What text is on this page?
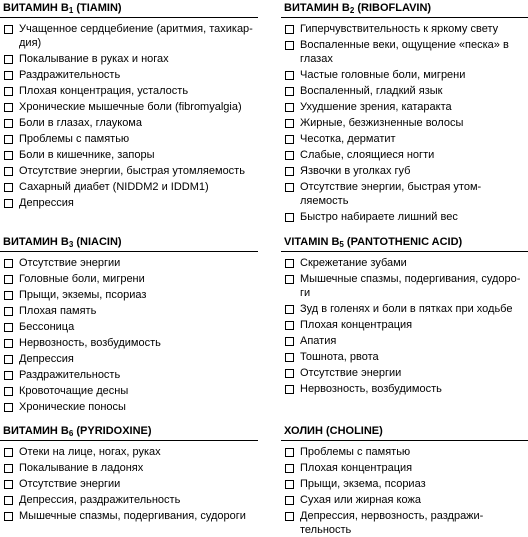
ВИТАМИН $B_1$ (TIAMIN)
Учащенное сердцебиение (аритмия, тахикар-
дия)
Покалывание в руках и ногах
Раздражительность
Плохая концентрация, усталость
Хронические мышечные боли (fibromyalgia)
Боли в глазах, глаукома
Проблемы с памятью
Боли в кишечнике, запоры
Отсутствие энергии, быстрая утомляемость
Сахарный диабет (NIDDM2 и IDDM1)
Депрессия
ВИТАМИН $B_2$ (RIBOFLAVIN)
Гиперчувствительность к яркому свету
Воспаленные веки, ощущение «песка» в
глазах
Частые головные боли, мигрени
Воспаленный, гладкий язык
Ухудшение зрения, катаракта
Жирные, безжизненные волосы
Чесотка, дерматит
Слабые, слоящиеся ногти
Язвочки в уголках губ
Отсутствие энергии, быстрая утом-
ляемость
Быстро набираете лишний вес
ВИТАМИН $B_3$ (NIACIN)
Отсутствие энергии
Головные боли, мигрени
Прыщи, экземы, псориаз
Плохая память
Бессоница
Нервозность, возбудимость
Депрессия
Раздражительность
Кровоточащие десны
Хронические поносы
VITAMIN $B_5$ (PANTOTHENIC ACID)
Скрежетание зубами
Мышечные спазмы, подергивания, судоро-
ги
Зуд в голенях и боли в пятках при ходьбе
Плохая концентрация
Апатия
Тошнота, рвота
Отсутствие энергии
Нервозность, возбудимость
ВИТАМИН $B_6$ (PYRIDOXINE)
Отеки на лице, ногах, руках
Покалывание в ладонях
Отсутствие энергии
Депрессия, раздражительность
Мышечные спазмы, подергивания, судороги
ХОЛИН (CHOLINE)
Проблемы с памятью
Плохая концентрация
Прыщи, экзема, псориаз
Сухая или жирная кожа
Депрессия, нервозность, раздражи-
тельность
